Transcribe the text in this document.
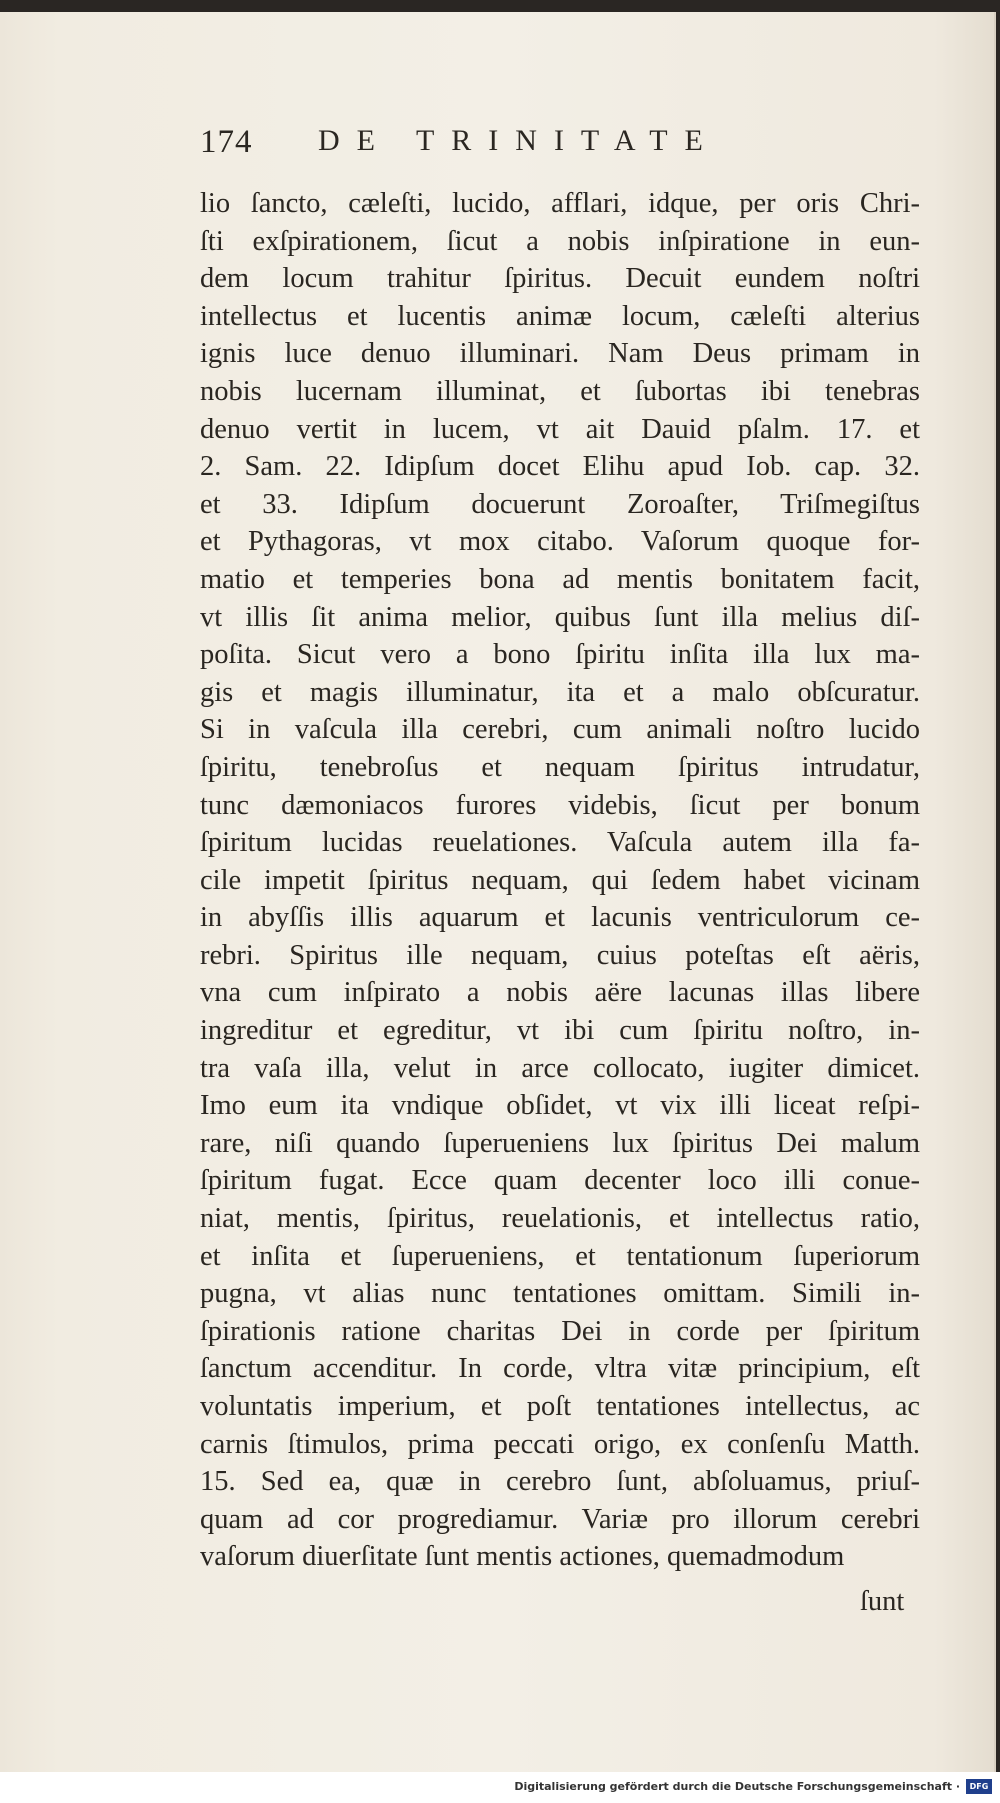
174 DE TRINITATE
lio ſancto, cæleſti, lucido, afflari, idque, per oris Chri-
ſti exſpirationem, ſicut a nobis inſpiratione in eun-
dem locum trahitur ſpiritus. Decuit eundem noſtri
intellectus et lucentis animæ locum, cæleſti alterius
ignis luce denuo illuminari. Nam Deus primam in
nobis lucernam illuminat, et ſubortas ibi tenebras
denuo vertit in lucem, vt ait Dauid pſalm. 17. et
2. Sam. 22. Idipſum docet Elihu apud Iob. cap. 32.
et 33. Idipſum docuerunt Zoroaſter, Triſmegiſtus
et Pythagoras, vt mox citabo. Vaſorum quoque for-
matio et temperies bona ad mentis bonitatem facit,
vt illis ſit anima melior, quibus ſunt illa melius diſ-
poſita. Sicut vero a bono ſpiritu inſita illa lux ma-
gis et magis illuminatur, ita et a malo obſcuratur.
Si in vaſcula illa cerebri, cum animali noſtro lucido
ſpiritu, tenebroſus et nequam ſpiritus intrudatur,
tunc dæmoniacos furores videbis, ſicut per bonum
ſpiritum lucidas reuelationes. Vaſcula autem illa fa-
cile impetit ſpiritus nequam, qui ſedem habet vicinam
in abyſſis illis aquarum et lacunis ventriculorum ce-
rebri. Spiritus ille nequam, cuius poteſtas eſt aëris,
vna cum inſpirato a nobis aëre lacunas illas libere
ingreditur et egreditur, vt ibi cum ſpiritu noſtro, in-
tra vaſa illa, velut in arce collocato, iugiter dimicet.
Imo eum ita vndique obſidet, vt vix illi liceat reſpi-
rare, niſi quando ſuperueniens lux ſpiritus Dei malum
ſpiritum fugat. Ecce quam decenter loco illi conue-
niat, mentis, ſpiritus, reuelationis, et intellectus ratio,
et inſita et ſuperueniens, et tentationum ſuperiorum
pugna, vt alias nunc tentationes omittam. Simili in-
ſpirationis ratione charitas Dei in corde per ſpiritum
ſanctum accenditur. In corde, vltra vitæ principium, eſt
voluntatis imperium, et poſt tentationes intellectus, ac
carnis ſtimulos, prima peccati origo, ex conſenſu Matth.
15. Sed ea, quæ in cerebro ſunt, abſoluamus, priuſ-
quam ad cor progrediamur. Variæ pro illorum cerebri
vaſorum diuerſitate ſunt mentis actiones, quemadmodum
ſunt
Digitalisierung gefördert durch die Deutsche Forschungsgemeinschaft ·	DFG
